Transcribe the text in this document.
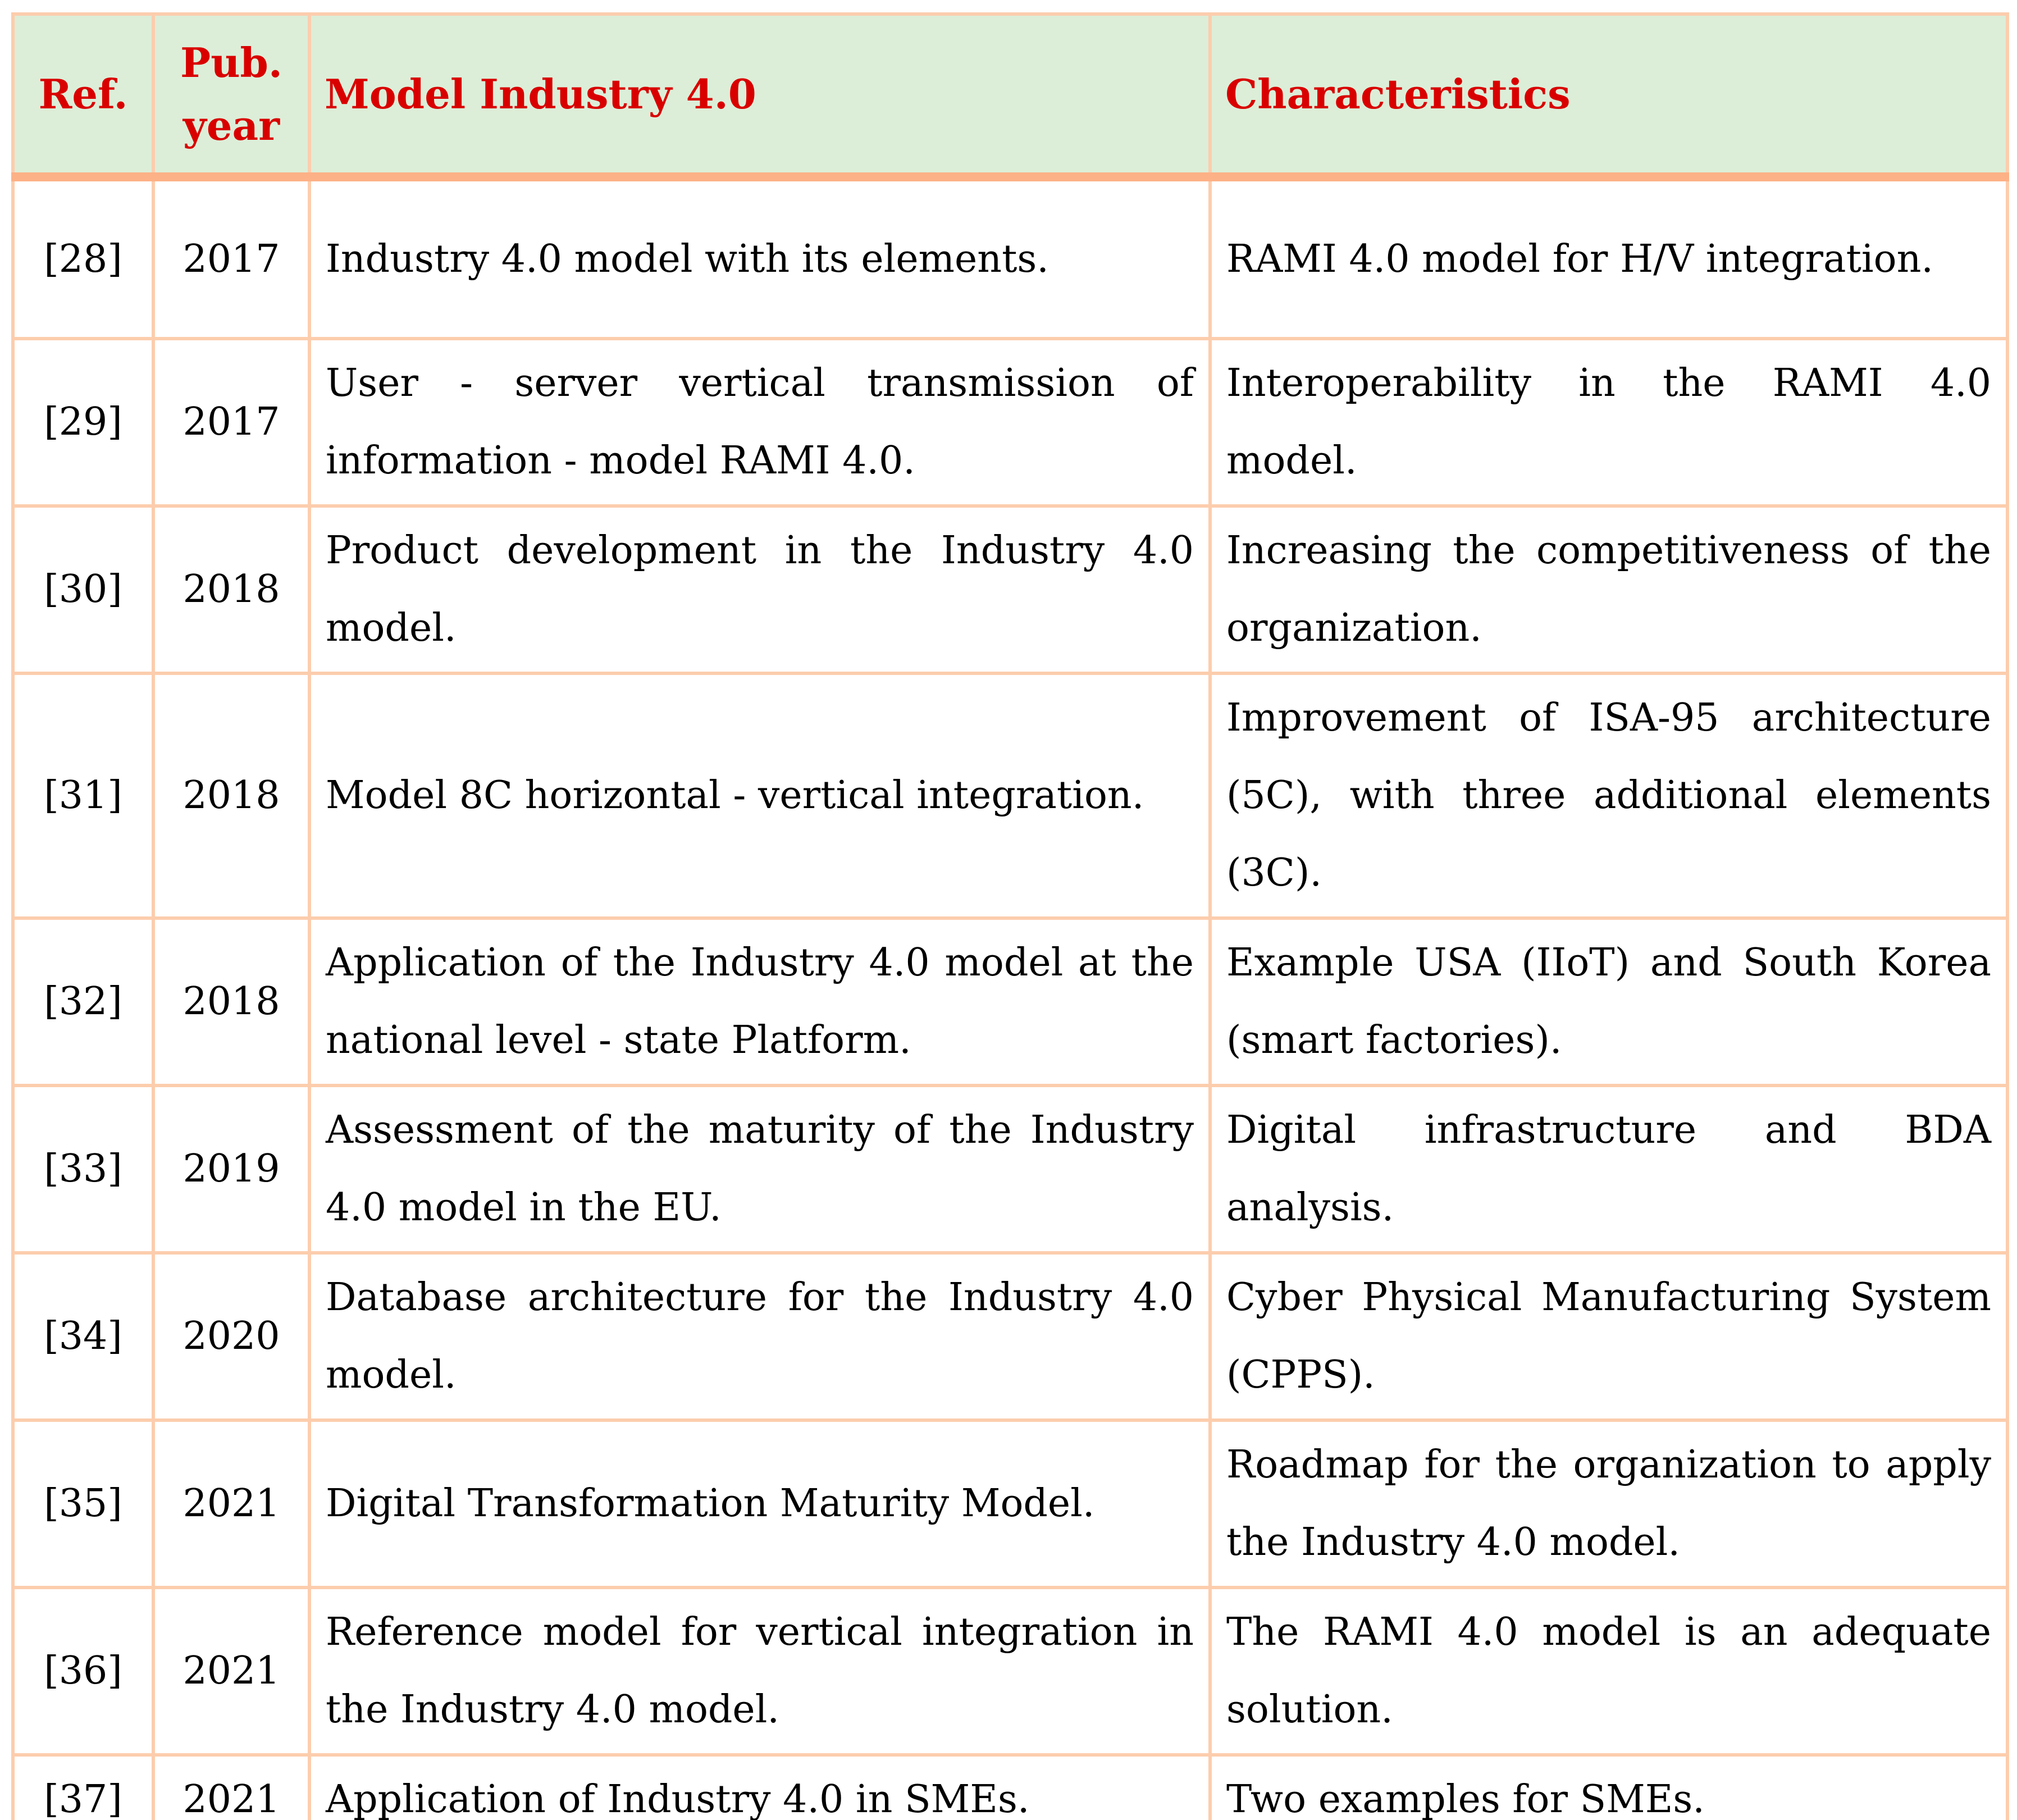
Ref.	Pub. year	Model Industry 4.0	Characteristics
[28]	2017	Industry 4.0 model with its elements.	RAMI 4.0 model for H/V integration.
[29]	2017	User - server vertical transmission of information - model RAMI 4.0.	Interoperability in the RAMI 4.0 model.
[30]	2018	Product development in the Industry 4.0 model.	Increasing the competitiveness of the organization.
[31]	2018	Model 8C horizontal - vertical integration.	Improvement of ISA-95 architecture (5C), with three additional elements (3C).
[32]	2018	Application of the Industry 4.0 model at the national level - state Platform.	Example USA (IIoT) and South Korea (smart factories).
[33]	2019	Assessment of the maturity of the Industry 4.0 model in the EU.	Digital infrastructure and BDA analysis.
[34]	2020	Database architecture for the Industry 4.0 model.	Cyber Physical Manufacturing System (CPPS).
[35]	2021	Digital Transformation Maturity Model.	Roadmap for the organization to apply the Industry 4.0 model.
[36]	2021	Reference model for vertical integration in the Industry 4.0 model.	The RAMI 4.0 model is an adequate solution.
[37]	2021	Application of Industry 4.0 in SMEs.	Two examples for SMEs.
